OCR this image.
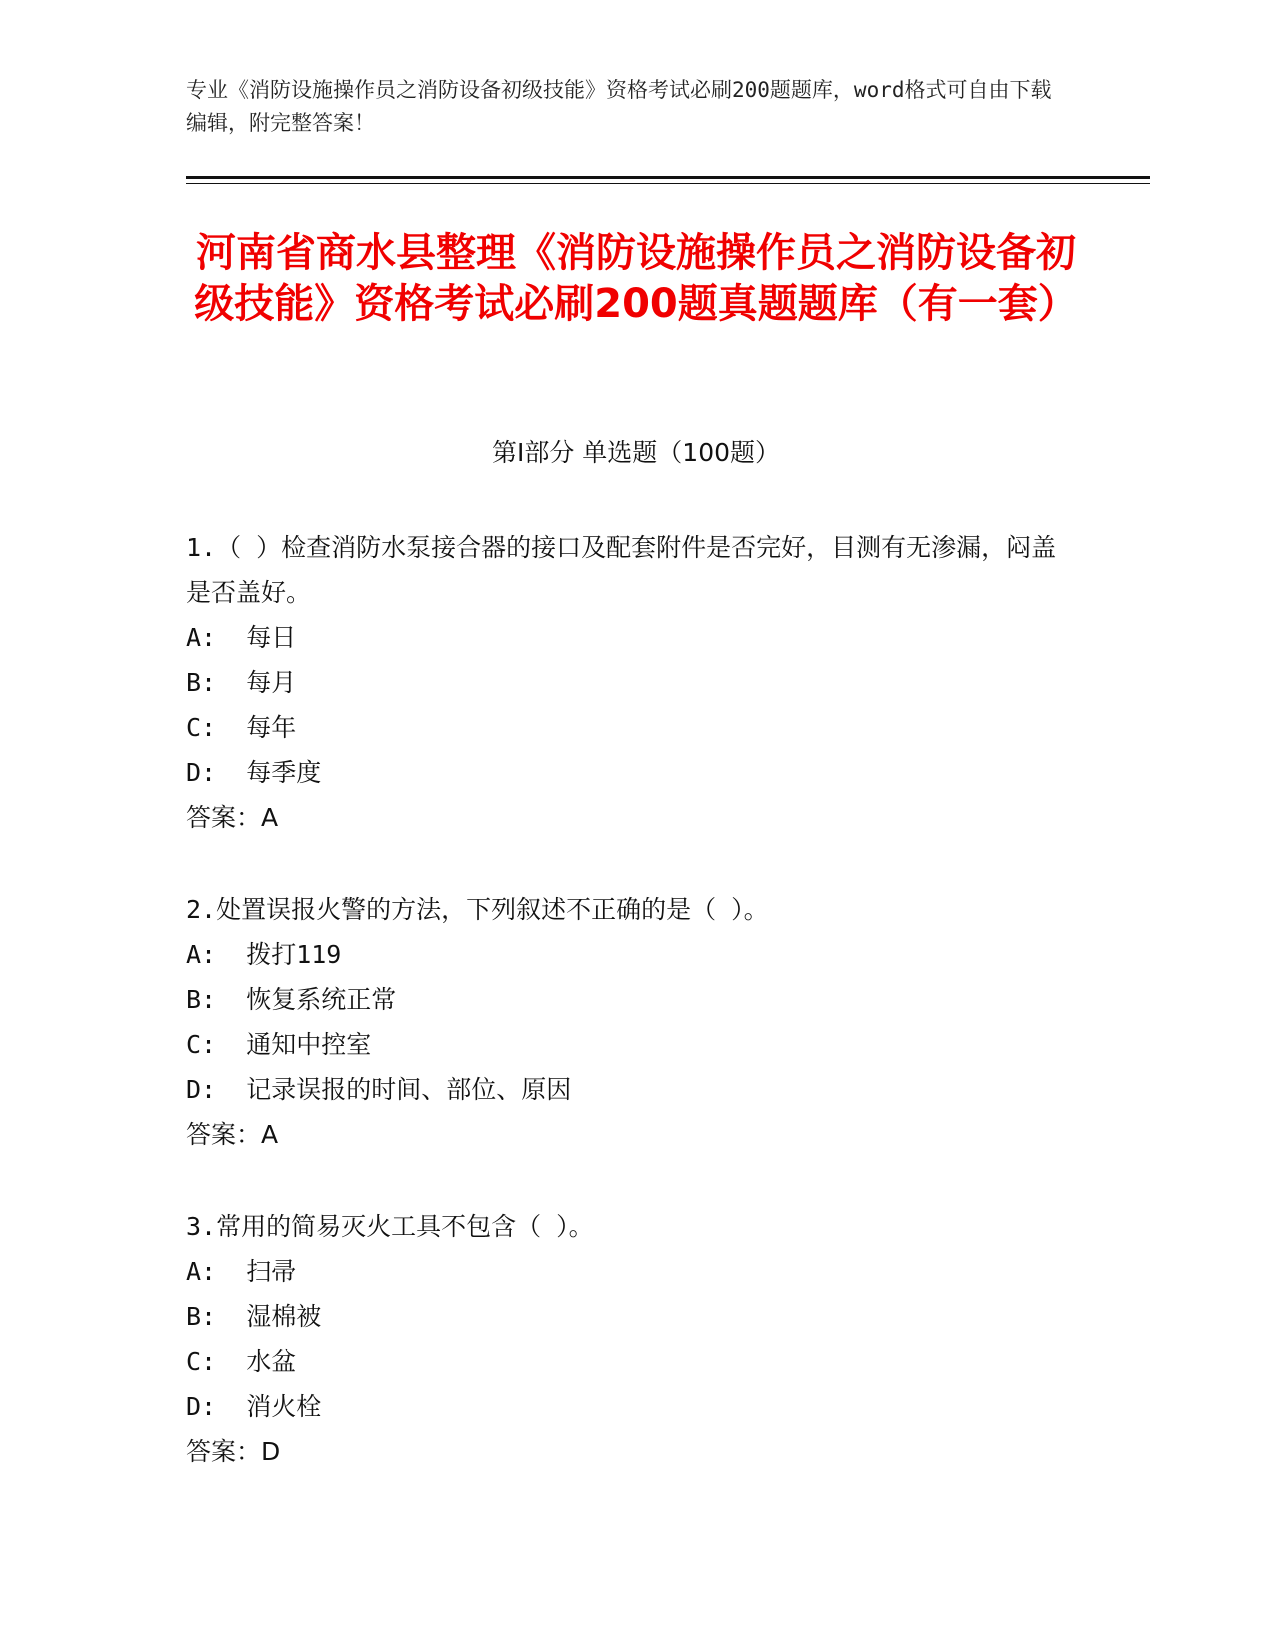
专业《消防设施操作员之消防设备初级技能》资格考试必刷200题题库，word格式可自由下载编辑，附完整答案！
河南省商水县整理《消防设施操作员之消防设备初级技能》资格考试必刷200题真题题库（有一套）
第I部分 单选题（100题）

1.（ ）检查消防水泵接合器的接口及配套附件是否完好，目测有无渗漏，闷盖是否盖好。

A:  每日

B:  每月

C:  每年

D:  每季度

答案：A

2.处置误报火警的方法，下列叙述不正确的是（ ）。

A:  拨打119

B:  恢复系统正常

C:  通知中控室

D:  记录误报的时间、部位、原因

答案：A

3.常用的简易灭火工具不包含（ ）。

A:  扫帚

B:  湿棉被

C:  水盆

D:  消火栓

答案：D
